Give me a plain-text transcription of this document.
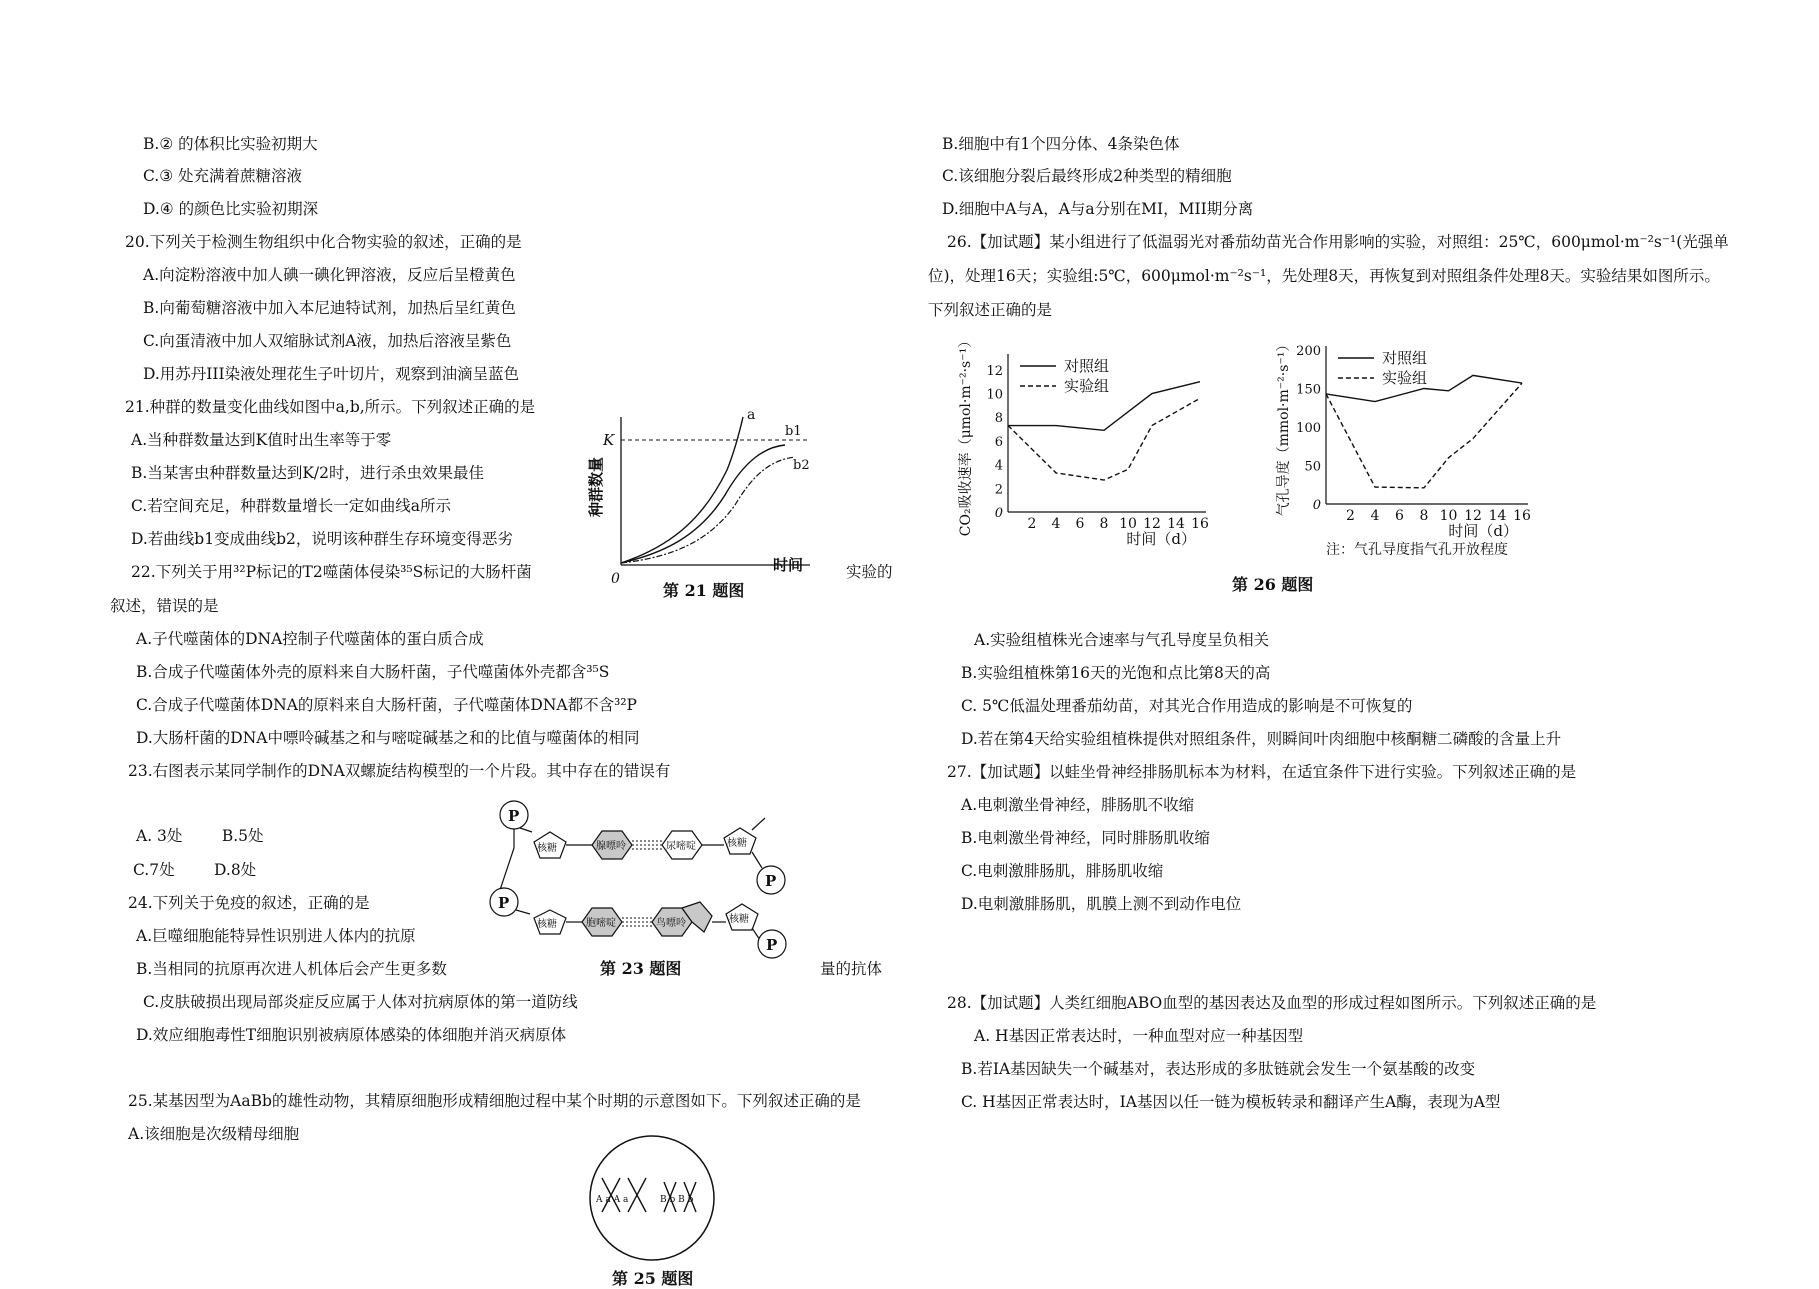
B.② 的体积比实验初期大
C.③ 处充满着蔗糖溶液
D.④ 的颜色比实验初期深
20.下列关于检测生物组织中化合物实验的叙述，正确的是
A.向淀粉溶液中加人碘一碘化钾溶液，反应后呈橙黄色
B.向葡萄糖溶液中加入本尼迪特试剂，加热后呈红黄色
C.向蛋清液中加人双缩脉试剂A液，加热后溶液呈紫色
D.用苏丹III染液处理花生子叶切片，观察到油滴呈蓝色
21.种群的数量变化曲线如图中a,b,所示。下列叙述正确的是
A.当种群数量达到K值时出生率等于零
B.当某害虫种群数量达到K/2时，进行杀虫效果最佳
C.若空间充足，种群数量增长一定如曲线a所示
D.若曲线b1变成曲线b2，说明该种群生存环境变得恶劣
22.下列关于用³²P标记的T2噬菌体侵染³⁵S标记的大肠杆菌	实验的
叙述，错误的是
A.子代噬菌体的DNA控制子代噬菌体的蛋白质合成
B.合成子代噬菌体外壳的原料来自大肠杆菌，子代噬菌体外壳都含³⁵S
C.合成子代噬菌体DNA的原料来自大肠杆菌，子代噬菌体DNA都不含³²P
D.大肠杆菌的DNA中嘌呤碱基之和与嘧啶碱基之和的比值与噬菌体的相同
23.右图表示某同学制作的DNA双螺旋结构模型的一个片段。其中存在的错误有
A. 3处        B.5处
C.7处        D.8处
24.下列关于免疫的叙述，正确的是
A.巨噬细胞能特异性识别进人体内的抗原
B.当相同的抗原再次进人机体后会产生更多数	量的抗体
C.皮肤破损出现局部炎症反应属于人体对抗病原体的第一道防线
D.效应细胞毒性T细胞识别被病原体感染的体细胞并消灭病原体
25.某基因型为AaBb的雄性动物，其精原细胞形成精细胞过程中某个时期的示意图如下。下列叙述正确的是
A.该细胞是次级精母细胞
K
0
a
b1
b2
时间
种群数量
第 21 题图
P
核糖	腺嘌呤	尿嘧啶	核糖
P
P
核糖	胞嘧啶	鸟嘌呤	核糖
P
第 23 题图
A a A a	B b B b
第 25 题图
B.细胞中有1个四分体、4条染色体
C.该细胞分裂后最终形成2种类型的精细胞
D.细胞中A与A，A与a分别在MI，MII期分离
26.【加试题】某小组进行了低温弱光对番茄幼苗光合作用影响的实验，对照组：25℃，600μmol·m⁻²s⁻¹(光强单
位)，处理16天；实验组:5℃，600μmol·m⁻²s⁻¹，先处理8天，再恢复到对照组条件处理8天。实验结果如图所示。
下列叙述正确的是
A.实验组植株光合速率与气孔导度呈负相关
B.实验组植株第16天的光饱和点比第8天的高
C. 5℃低温处理番茄幼苗，对其光合作用造成的影响是不可恢复的
D.若在第4天给实验组植株提供对照组条件，则瞬间叶肉细胞中核酮糖二磷酸的含量上升
27.【加试题】以蛙坐骨神经排肠肌标本为材料，在适宜条件下进行实验。下列叙述正确的是
A.电刺激坐骨神经，腓肠肌不收缩
B.电刺激坐骨神经，同时腓肠肌收缩
C.电刺激腓肠肌，腓肠肌收缩
D.电刺激腓肠肌，肌膜上测不到动作电位
28.【加试题】人类红细胞ABO血型的基因表达及血型的形成过程如图所示。下列叙述正确的是
A. H基因正常表达时，一种血型对应一种基因型
B.若IA基因缺失一个碱基对，表达形成的多肽链就会发生一个氨基酸的改变
C. H基因正常表达时，IA基因以任一链为模板转录和翻译产生A酶，表现为A型
2 4 6 8 10 12 14 16
0
2
4
6
8
10
12	对照组
实验组
时间（d）
CO₂吸收速率（μmol·m⁻²·s⁻¹）	2 4 6 8 10 12 14 16
0
50
100
150
200	对照组
实验组
时间（d）
气孔导度（mmol·m⁻²·s⁻¹）
注：气孔导度指气孔开放程度
第 26 题图
